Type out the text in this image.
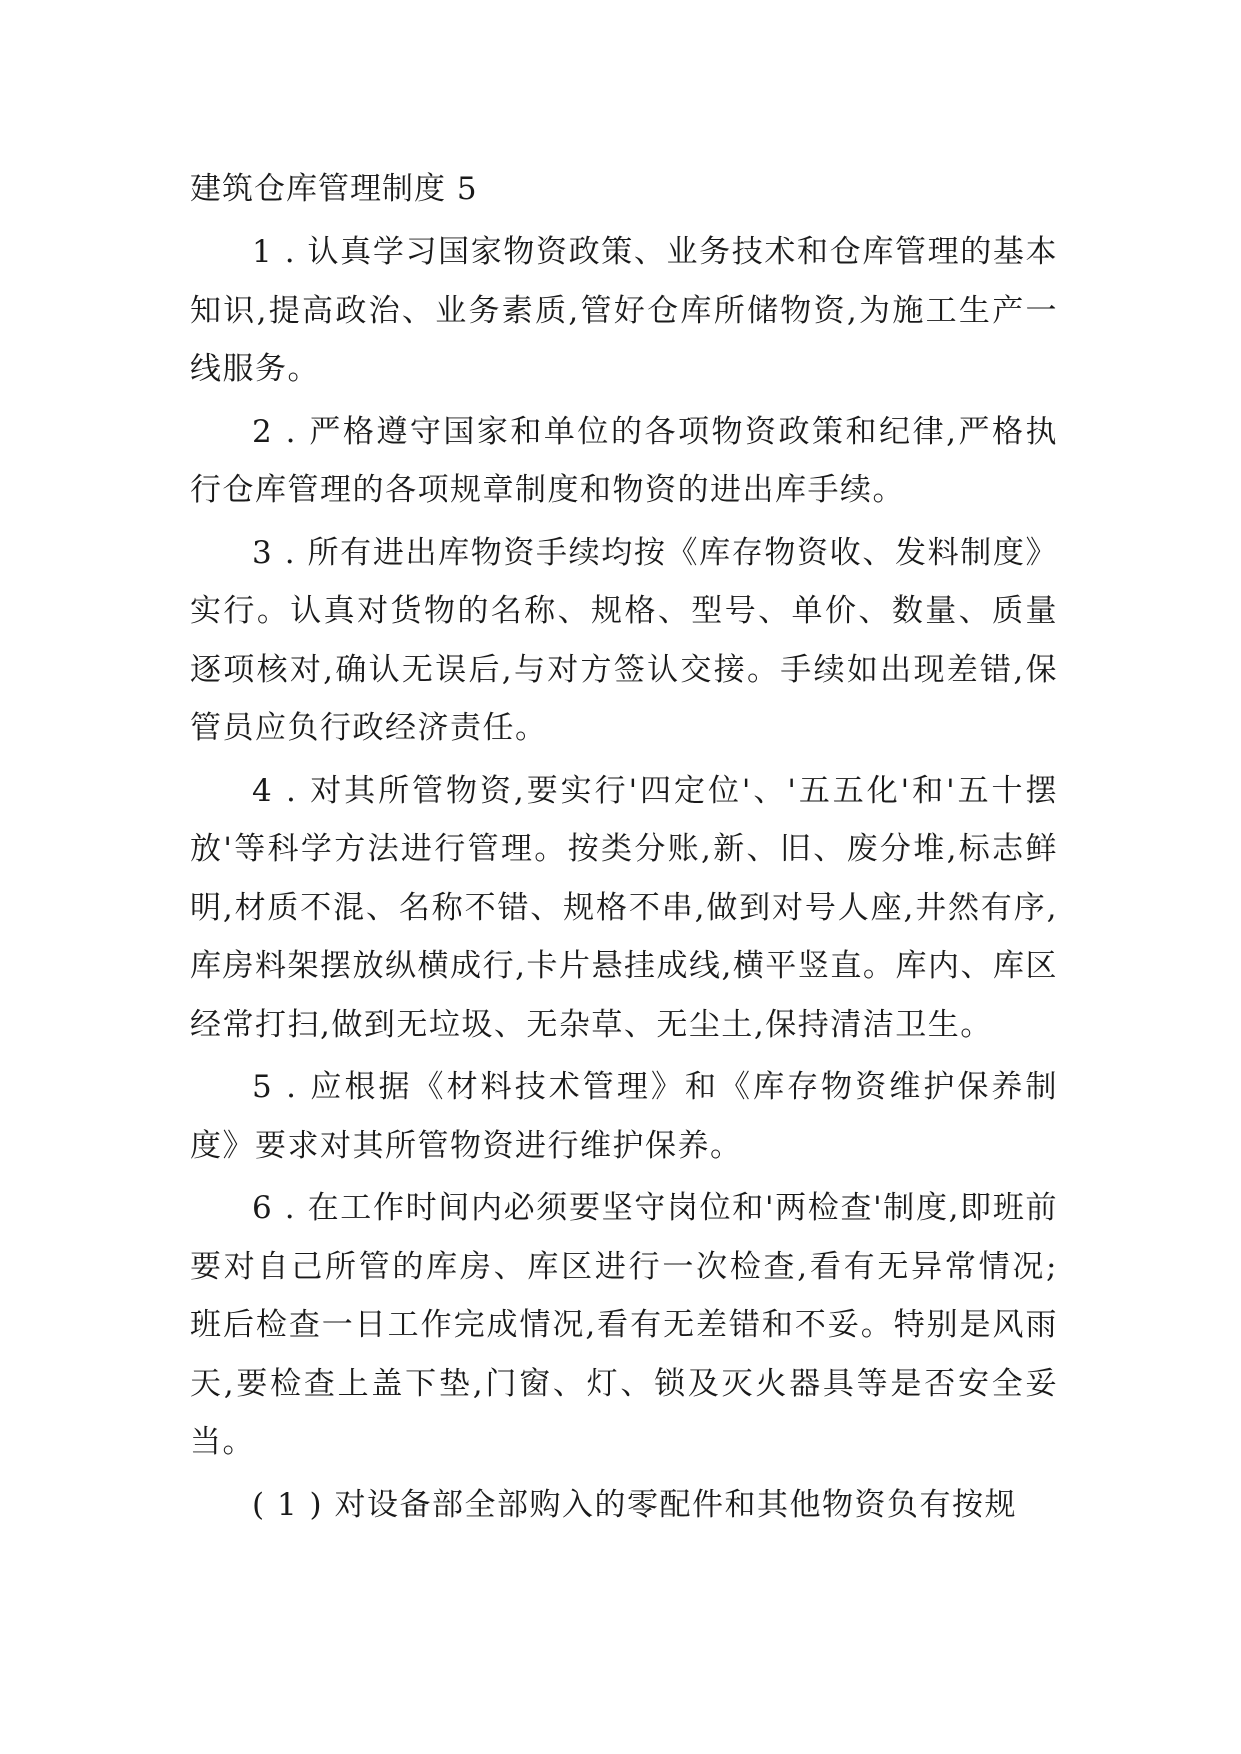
建筑仓库管理制度 5

1 . 认真学习国家物资政策、业务技术和仓库管理的基本知识,提高政治、业务素质,管好仓库所储物资,为施工生产一线服务。

2 . 严格遵守国家和单位的各项物资政策和纪律,严格执行仓库管理的各项规章制度和物资的进出库手续。

3 . 所有进出库物资手续均按《库存物资收、发料制度》实行。认真对货物的名称、规格、型号、单价、数量、质量逐项核对,确认无误后,与对方签认交接。手续如出现差错,保管员应负行政经济责任。

4 . 对其所管物资,要实行'四定位'、'五五化'和'五十摆放'等科学方法进行管理。按类分账,新、旧、废分堆,标志鲜明,材质不混、名称不错、规格不串,做到对号人座,井然有序,库房料架摆放纵横成行,卡片悬挂成线,横平竖直。库内、库区经常打扫,做到无垃圾、无杂草、无尘土,保持清洁卫生。

5 . 应根据《材料技术管理》和《库存物资维护保养制度》要求对其所管物资进行维护保养。

6 . 在工作时间内必须要坚守岗位和'两检查'制度,即班前要对自己所管的库房、库区进行一次检查,看有无异常情况;班后检查一日工作完成情况,看有无差错和不妥。特别是风雨天,要检查上盖下垫,门窗、灯、锁及灭火器具等是否安全妥当。

( 1 ) 对设备部全部购入的零配件和其他物资负有按规
